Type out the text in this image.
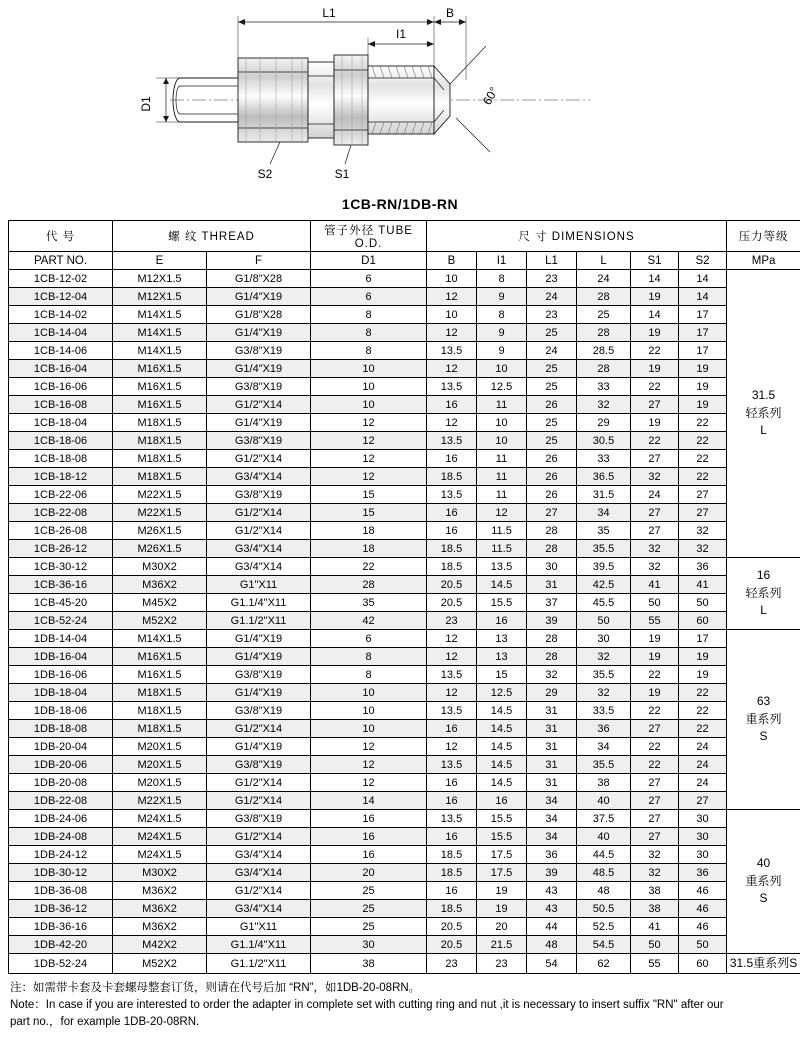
L1	B
I1
D1	60°
S2	S1
1CB-RN/1DB-RN
代 号	螺 纹 THREAD		管子外径 TUBE O.D.	尺 寸 DIMENSIONS						压力等级
PART NO.	E	F	D1	B	I1	L1	L	S1	S2	MPa
1CB-12-02	M12X1.5	G1/8"X28	6	10	8	23	24	14	14	31.5
轻系列
L

1CB-12-04	M12X1.5	G1/4"X19	6	12	9	24	28	19	14	
1CB-14-02	M14X1.5	G1/8"X28	8	10	8	23	25	14	17	
1CB-14-04	M14X1.5	G1/4"X19	8	12	9	25	28	19	17	
1CB-14-06	M14X1.5	G3/8"X19	8	13.5	9	24	28.5	22	17	
1CB-16-04	M16X1.5	G1/4"X19	10	12	10	25	28	19	19	
1CB-16-06	M16X1.5	G3/8"X19	10	13.5	12.5	25	33	22	19	
1CB-16-08	M16X1.5	G1/2"X14	10	16	11	26	32	27	19	
1CB-18-04	M18X1.5	G1/4"X19	12	12	10	25	29	19	22	
1CB-18-06	M18X1.5	G3/8"X19	12	13.5	10	25	30.5	22	22	
1CB-18-08	M18X1.5	G1/2"X14	12	16	11	26	33	27	22	
1CB-18-12	M18X1.5	G3/4"X14	12	18.5	11	26	36.5	32	22	
1CB-22-06	M22X1.5	G3/8"X19	15	13.5	11	26	31.5	24	27	
1CB-22-08	M22X1.5	G1/2"X14	15	16	12	27	34	27	27	
1CB-26-08	M26X1.5	G1/2"X14	18	16	11.5	28	35	27	32	
1CB-26-12	M26X1.5	G3/4"X14	18	18.5	11.5	28	35.5	32	32	
1CB-30-12	M30X2	G3/4"X14	22	18.5	13.5	30	39.5	32	36	16
轻系列
L

1CB-36-16	M36X2	G1"X11	28	20.5	14.5	31	42.5	41	41	
1CB-45-20	M45X2	G1.1/4"X11	35	20.5	15.5	37	45.5	50	50	
1CB-52-24	M52X2	G1.1/2"X11	42	23	16	39	50	55	60	
1DB-14-04	M14X1.5	G1/4"X19	6	12	13	28	30	19	17	63
重系列
S

1DB-16-04	M16X1.5	G1/4"X19	8	12	13	28	32	19	19	
1DB-16-06	M16X1.5	G3/8"X19	8	13.5	15	32	35.5	22	19	
1DB-18-04	M18X1.5	G1/4"X19	10	12	12.5	29	32	19	22	
1DB-18-06	M18X1.5	G3/8"X19	10	13.5	14.5	31	33.5	22	22	
1DB-18-08	M18X1.5	G1/2"X14	10	16	14.5	31	36	27	22	
1DB-20-04	M20X1.5	G1/4"X19	12	12	14.5	31	34	22	24	
1DB-20-06	M20X1.5	G3/8"X19	12	13.5	14.5	31	35.5	22	24	
1DB-20-08	M20X1.5	G1/2"X14	12	16	14.5	31	38	27	24	
1DB-22-08	M22X1.5	G1/2"X14	14	16	16	34	40	27	27	
1DB-24-06	M24X1.5	G3/8"X19	16	13.5	15.5	34	37.5	27	30	40
重系列
S

1DB-24-08	M24X1.5	G1/2"X14	16	16	15.5	34	40	27	30	
1DB-24-12	M24X1.5	G3/4"X14	16	18.5	17.5	36	44.5	32	30	
1DB-30-12	M30X2	G3/4"X14	20	18.5	17.5	39	48.5	32	36	
1DB-36-08	M36X2	G1/2"X14	25	16	19	43	48	38	46	
1DB-36-12	M36X2	G3/4"X14	25	18.5	19	43	50.5	38	46	
1DB-36-16	M36X2	G1"X11	25	20.5	20	44	52.5	41	46	
1DB-42-20	M42X2	G1.1/4"X11	30	20.5	21.5	48	54.5	50	50	
1DB-52-24	M52X2	G1.1/2"X11	38	23	23	54	62	55	60	31.5重系列S
注：如需带卡套及卡套螺母整套订货，则请在代号后加 “RN”，如1DB-20-08RN。
Note：In case if you are interested to order the adapter in complete set with cutting ring and nut ,it is necessary to insert suffix "RN" after our
part no.，for example 1DB-20-08RN.
